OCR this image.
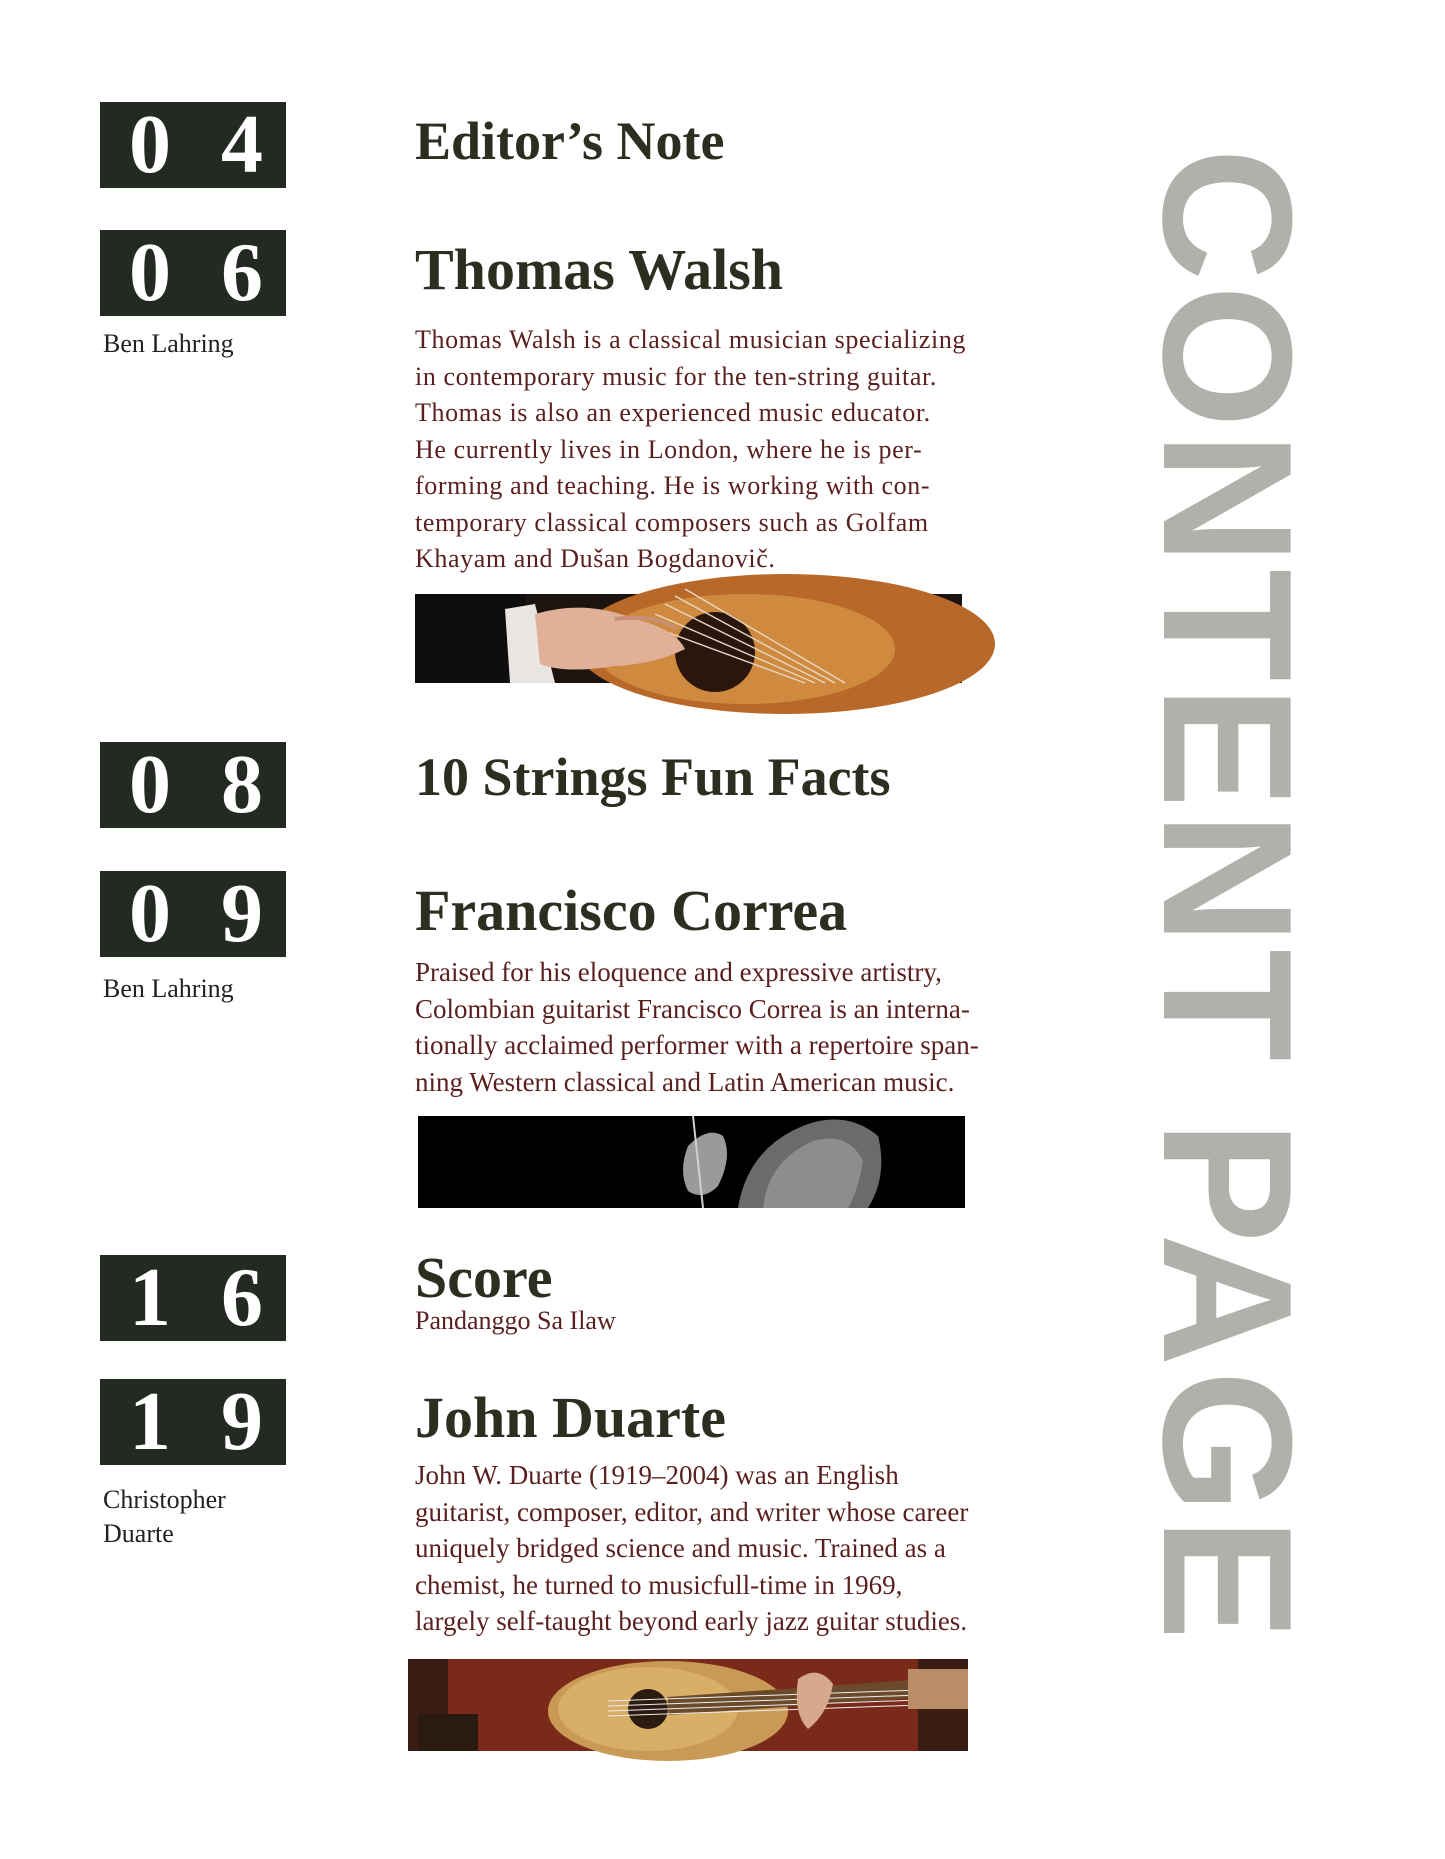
0 4
0 6
0 8
0 9
1 6
1 9
Ben Lahring
Ben Lahring
Christopher
Duarte
Editor’s Note
Thomas Walsh
10 Strings Fun Facts
Francisco Correa
Score
Pandanggo Sa Ilaw
John Duarte
Thomas Walsh is a classical musician specializing
in contemporary music for the ten-string guitar.
Thomas is also an experienced music educator.
He currently lives in London, where he is per-
forming and teaching. He is working with con-
temporary classical composers such as Golfam
Khayam and Dušan Bogdanovič.
Praised for his eloquence and expressive artistry,
Colombian guitarist Francisco Correa is an interna-
tionally acclaimed performer with a repertoire span-
ning Western classical and Latin American music.
John W. Duarte (1919–2004) was an English
guitarist, composer, editor, and writer whose career
uniquely bridged science and music. Trained as a
chemist, he turned to musicfull-time in 1969,
largely self-taught beyond early jazz guitar studies. CONTENT PAGE
